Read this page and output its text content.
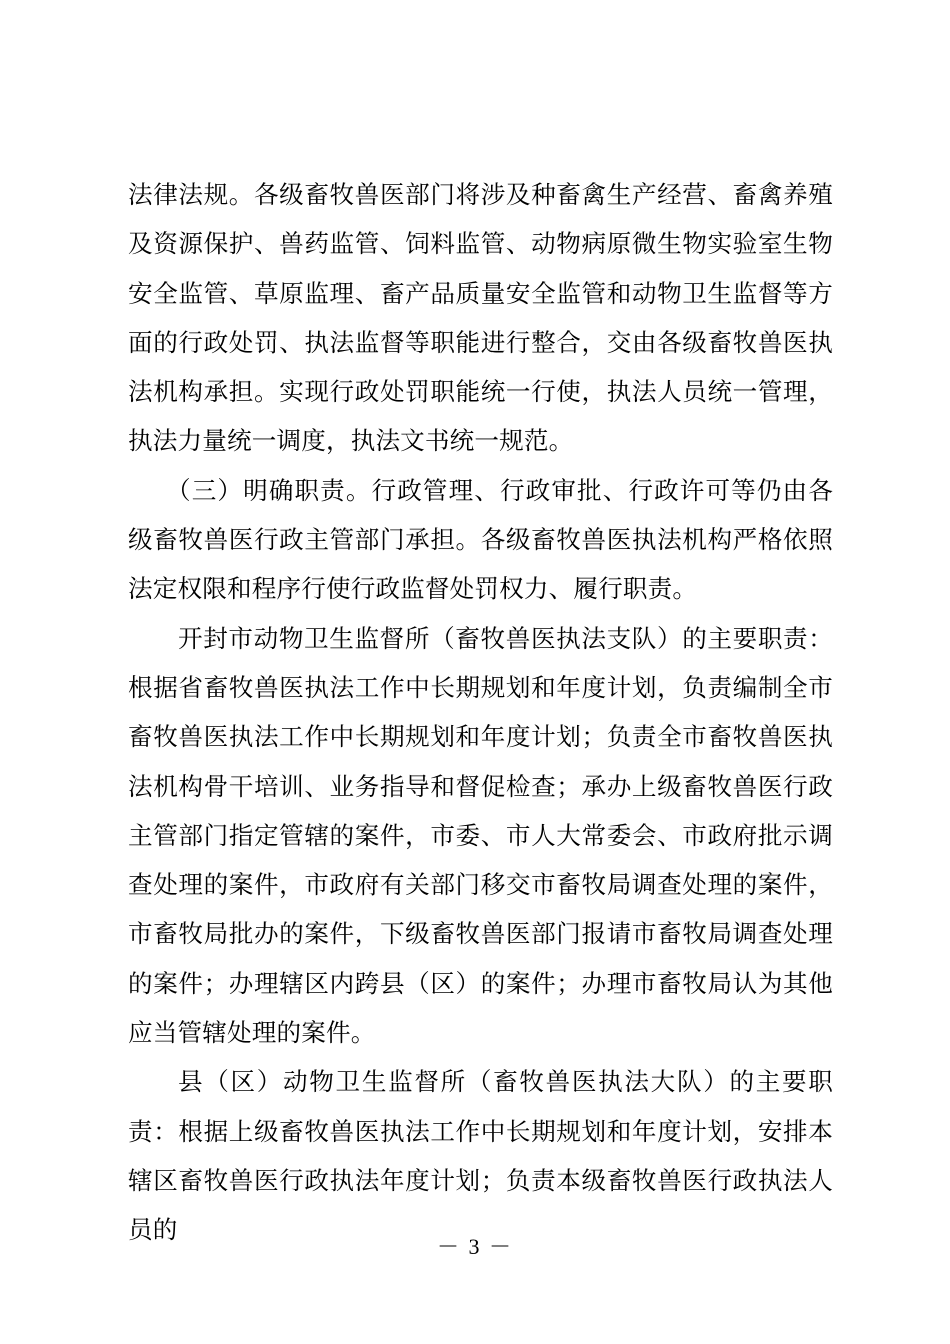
法律法规。各级畜牧兽医部门将涉及种畜禽生产经营、畜禽养殖及资源保护、兽药监管、饲料监管、动物病原微生物实验室生物安全监管、草原监理、畜产品质量安全监管和动物卫生监督等方面的行政处罚、执法监督等职能进行整合，交由各级畜牧兽医执法机构承担。实现行政处罚职能统一行使，执法人员统一管理，执法力量统一调度，执法文书统一规范。

（三）明确职责。行政管理、行政审批、行政许可等仍由各级畜牧兽医行政主管部门承担。各级畜牧兽医执法机构严格依照法定权限和程序行使行政监督处罚权力、履行职责。

开封市动物卫生监督所（畜牧兽医执法支队）的主要职责：根据省畜牧兽医执法工作中长期规划和年度计划，负责编制全市畜牧兽医执法工作中长期规划和年度计划；负责全市畜牧兽医执法机构骨干培训、业务指导和督促检查；承办上级畜牧兽医行政主管部门指定管辖的案件，市委、市人大常委会、市政府批示调查处理的案件，市政府有关部门移交市畜牧局调查处理的案件，市畜牧局批办的案件，下级畜牧兽医部门报请市畜牧局调查处理的案件；办理辖区内跨县（区）的案件；办理市畜牧局认为其他应当管辖处理的案件。

县（区）动物卫生监督所（畜牧兽医执法大队）的主要职责：根据上级畜牧兽医执法工作中长期规划和年度计划，安排本辖区畜牧兽医行政执法年度计划；负责本级畜牧兽医行政执法人员的

－ 3 －
